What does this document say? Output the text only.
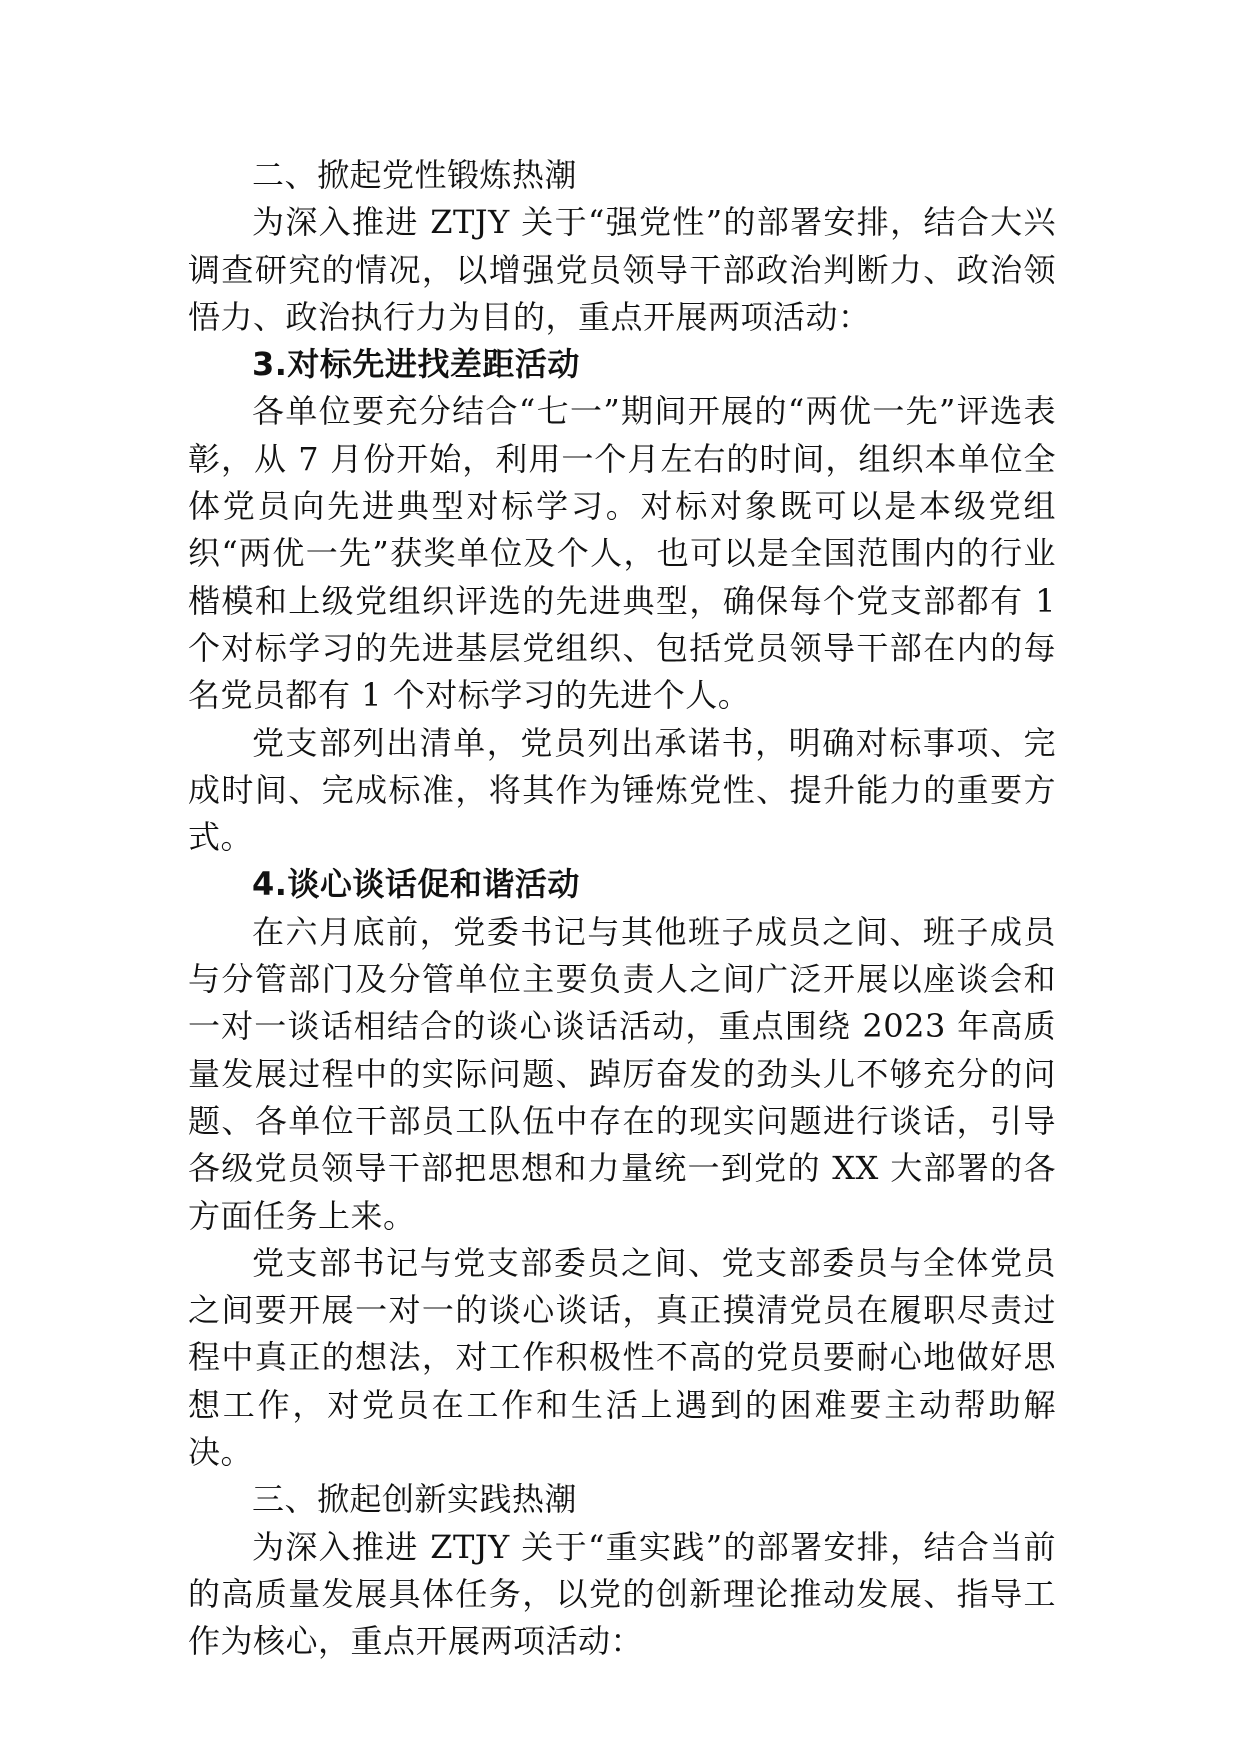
二、掀起党性锻炼热潮

为深入推进 ZTJY 关于“强党性”的部署安排，结合大兴调查研究的情况，以增强党员领导干部政治判断力、政治领悟力、政治执行力为目的，重点开展两项活动：

3.对标先进找差距活动

各单位要充分结合“七一”期间开展的“两优一先”评选表彰，从 7 月份开始，利用一个月左右的时间，组织本单位全体党员向先进典型对标学习。对标对象既可以是本级党组织“两优一先”获奖单位及个人，也可以是全国范围内的行业楷模和上级党组织评选的先进典型，确保每个党支部都有 1 个对标学习的先进基层党组织、包括党员领导干部在内的每名党员都有 1 个对标学习的先进个人。

党支部列出清单，党员列出承诺书，明确对标事项、完成时间、完成标准，将其作为锤炼党性、提升能力的重要方式。

4.谈心谈话促和谐活动

在六月底前，党委书记与其他班子成员之间、班子成员与分管部门及分管单位主要负责人之间广泛开展以座谈会和一对一谈话相结合的谈心谈话活动，重点围绕 2023 年高质量发展过程中的实际问题、踔厉奋发的劲头儿不够充分的问题、各单位干部员工队伍中存在的现实问题进行谈话，引导各级党员领导干部把思想和力量统一到党的 XX 大部署的各方面任务上来。

党支部书记与党支部委员之间、党支部委员与全体党员之间要开展一对一的谈心谈话，真正摸清党员在履职尽责过程中真正的想法，对工作积极性不高的党员要耐心地做好思想工作，对党员在工作和生活上遇到的困难要主动帮助解决。

三、掀起创新实践热潮

为深入推进 ZTJY 关于“重实践”的部署安排，结合当前的高质量发展具体任务，以党的创新理论推动发展、指导工作为核心，重点开展两项活动：
